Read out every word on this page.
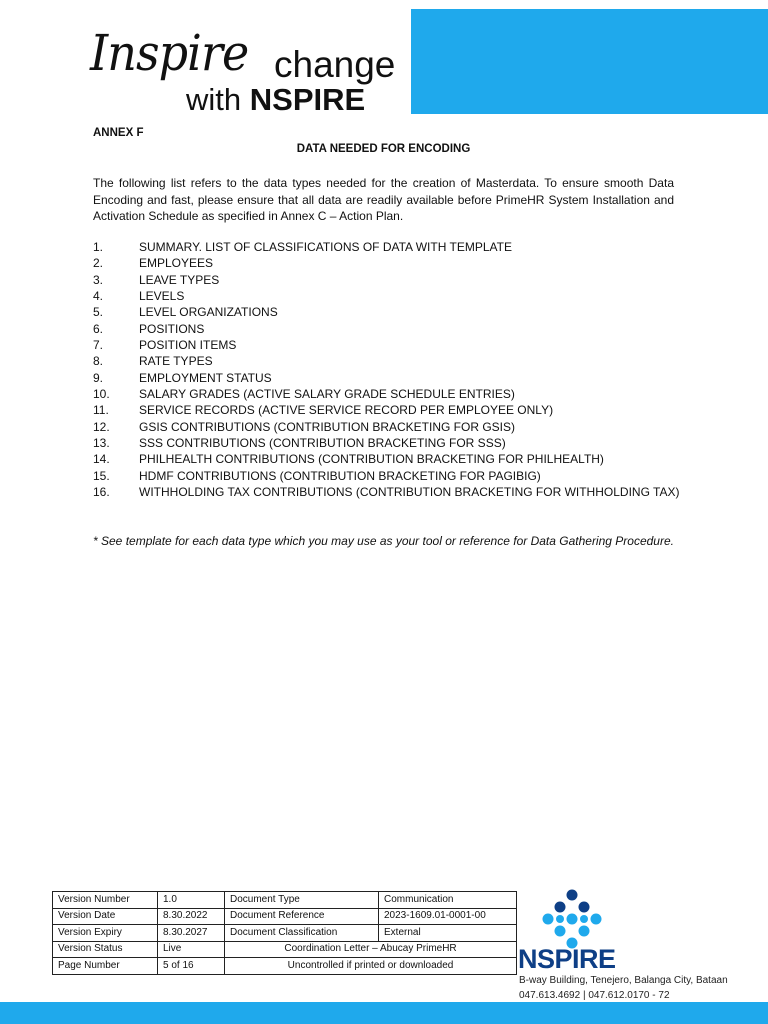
Inspire change
with NSPIRE
ANNEX F
DATA NEEDED FOR ENCODING
The following list refers to the data types needed for the creation of Masterdata. To ensure smooth Data Encoding and fast, please ensure that all data are readily available before PrimeHR System Installation and Activation Schedule as specified in Annex C – Action Plan.
1.	SUMMARY. LIST OF CLASSIFICATIONS OF DATA WITH TEMPLATE
2.	EMPLOYEES
3.	LEAVE TYPES
4.	LEVELS
5.	LEVEL ORGANIZATIONS
6.	POSITIONS
7.	POSITION ITEMS
8.	RATE TYPES
9.	EMPLOYMENT STATUS
10. SALARY GRADES (ACTIVE SALARY GRADE SCHEDULE ENTRIES)
11.	SERVICE RECORDS (ACTIVE SERVICE RECORD PER EMPLOYEE ONLY)
12. GSIS CONTRIBUTIONS (CONTRIBUTION BRACKETING FOR GSIS)
13. SSS CONTRIBUTIONS (CONTRIBUTION BRACKETING FOR SSS)
14. PHILHEALTH CONTRIBUTIONS (CONTRIBUTION BRACKETING FOR PHILHEALTH)
15. HDMF CONTRIBUTIONS (CONTRIBUTION BRACKETING FOR PAGIBIG)
16. WITHHOLDING TAX CONTRIBUTIONS (CONTRIBUTION BRACKETING FOR WITHHOLDING TAX)
* See template for each data type which you may use as your tool or reference for Data Gathering Procedure.
Version Number	1.0	Document Type	Communication
Version Date	8.30.2022	Document Reference	2023-1609.01-0001-00
Version Expiry	8.30.2027	Document Classification	External
Version Status	Live	Coordination Letter – Abucay PrimeHR	
Page Number	5 of 16	Uncontrolled if printed or downloaded	NSPIRE
B-way Building, Tenejero, Balanga City, Bataan
047.613.4692 | 047.612.0170 - 72
